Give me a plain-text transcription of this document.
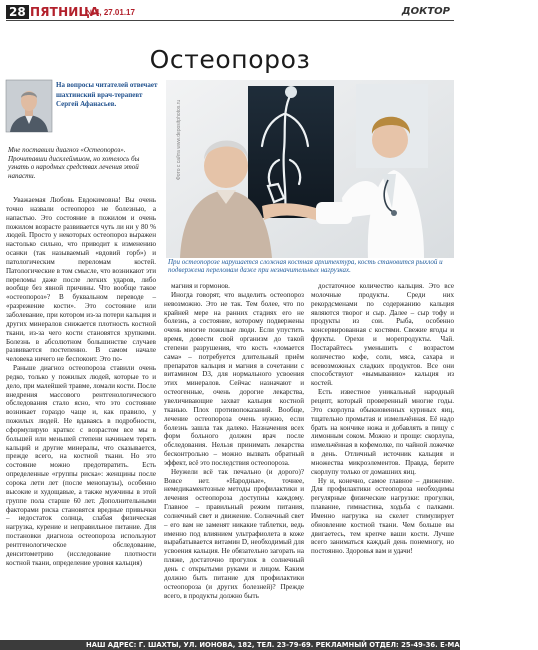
28 ПЯТНИЦА
№4, 27.01.17	ДОКТОР
Остеопороз
На вопросы читателей отвечает шахтинский врач-терапевт Сергей Афанасьев.
Мне поставили диагноз «Остеопороз». Прочитавши дисклеймшом, но хотелось бы узнать о народных средствах лечения этой напасти.	Фото с сайта www.depositphotos.ru
При остеопорозе нарушается сложная костная архитектура, кость становится рыхлой и подвержена переломам даже при незначительных нагрузках.

Уважаемая Любовь Евдокимовна! Вы очень точно назвали остеопороз не болезнью, а напастью. Это состояние в пожилом и очень пожилом возрасте развивается чуть ли ни у 80 % людей. Просто у некоторых остеопороз выражен настолько сильно, что приводит к изменению осанки (так называемый «вдовий горб») и патологическим переломам костей. Патологические в том смысле, что возникают эти переломы даже после легких ударов, либо вообще без явной причины. Что вообще такое «остеопороз»? В буквальном переводе – «разрежение кости». Это состояние или заболевание, при котором из-за потери кальция и других минералов снижается плотность костной ткани, из-за чего кости становятся хрупкими. Болезнь в абсолютном большинстве случаев развивается постепенно. В самом начале человека ничего не беспокоит. Это по-

Раньше диагноз остеопороза ставили очень редко, только у пожилых людей, которые то и дело, при малейшей травме, ломали кости. После внедрения массового рентгенологического обследования стало ясно, что это состояние возникает гораздо чаще и, как правило, у пожилых людей. Не вдаваясь в подробности, сформулирую кратко: с возрастом все мы в большей или меньшей степени начинаем терять кальций и другие минералы, что сказывается, прежде всего, на костной ткани. Но это состояние можно предотвратить. Есть определенные «группы риска»: женщины после сорока лети лет (после менопаузы), особенно высокие и худощавые, а также мужчины в этой группе пола старше 60 лет. Дополнительными факторами риска становятся вредные привычки – недостаток солнца, слабая физическая нагрузка, курение и неправильное питание. Для постановки диагноза остеопороза используют рентгенологическое обследование, денситометрию (исследование плотности костной ткани, определение уровня кальция)

магния и гормонов.

Иногда говорят, что выделить остеопороз невозможно. Это не так. Тем более, что по крайней мере на ранних стадиях его не болезнь, а состояние, которому подвержены очень многие пожилые люди. Если упустить время, довести свой организм до такой степени разрушения, что кость «ломается сама» – потребуется длительный приём препаратов кальция и магния в сочетании с витамином D3, для нормального усвоения этих минералов. Сейчас назначают и остеогенные, очень дорогие лекарства, увеличивающие захват кальция костной тканью. Плох противопоказаний. Вообще, лечение остеопороза очень нужно, если болезнь зашла так далеко. Назначения всех форм больного должен врач после обследования. Нельзя принимать лекарства бесконтрольно – можно вызвать обратный эффект, всё это последствия остеопороза.

Неужели всё так печально (и дорого)? Вовсе нет. «Народные», точнее, немедикаментозные методы профилактики и лечения остеопороза доступны каждому. Главное – правильный режим питания, солнечный свет и движение. Солнечный свет – его вам не заменят никакие таблетки, ведь именно под влиянием ультрафиолета в коже вырабатывается витамин D, необходимый для усвоения кальция. Не обязательно загорать на пляже, достаточно прогулок в солнечный день с открытыми руками и лицом. Каким должно быть питание для профилактики остеопороза (и других болезней)? Прежде всего, в продукты должно быть

достаточное количество кальция. Это все молочные продукты. Среди них рекордсменами по содержанию кальция являются творог и сыр. Далее – сыр тофу и продукты из сои. Рыба, особенно консервированная с костями. Свежие ягоды и фрукты. Орехи и морепродукты. Чай. Постарайтесь уменьшить с возрастом количество кофе, соли, мяса, сахара и всевозможных сладких продуктов. Все они способствуют «вымыванию» кальция из костей.

Есть известное уникальный народный рецепт, который проверенный многие годы. Это скорлупа обыкновенных куриных яиц, тщательно промытая и измельчённая. Её надо брать на кончике ножа и добавлять в пищу с лимонным соком. Можно и проще: скорлупа, измельчённая в кофемолке, по чайной ложечке в день. Отличный источник кальция и множества микроэлементов. Правда, берите скорлупу только от домашних яиц.

Ну и, конечно, самое главное – движение. Для профилактики остеопороза необходимы регулярные физические нагрузки: прогулки, плавание, гимнастика, ходьба с палками. Именно нагрузка на скелет стимулирует обновление костной ткани. Чем больше вы двигаетесь, тем крепче ваши кости. Лучше всего заниматься каждый день понемногу, но постоянно. Здоровья вам и удачи!

НАШ АДРЕС: Г. ШАХТЫ, УЛ. ИОНОВА, 182, ТЕЛ. 23-79-69. РЕКЛАМНЫЙ ОТДЕЛ: 25-49-36. E-MAIL: INFO@DONSIT.RU
